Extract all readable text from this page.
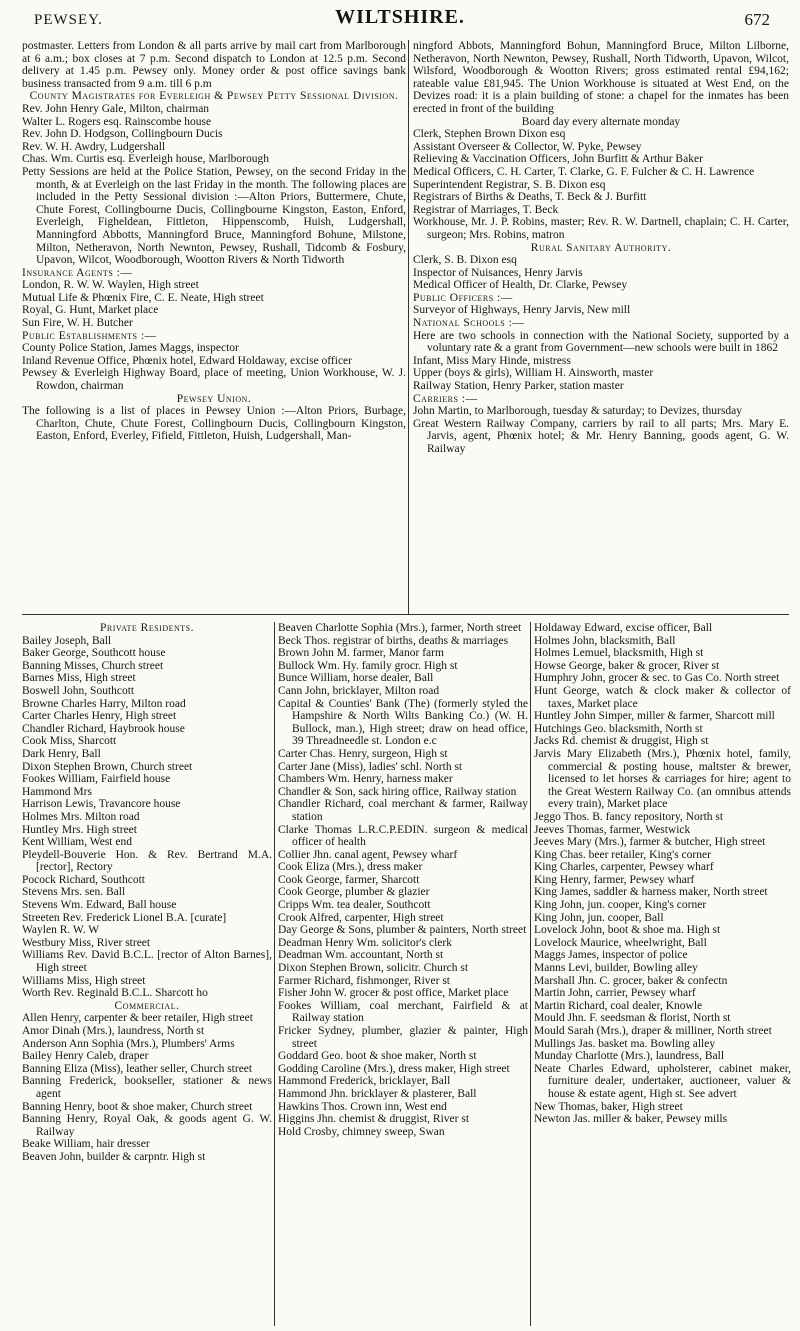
PEWSEY.	WILTSHIRE.	672

postmaster. Letters from London & all parts arrive by mail cart from Marlborough at 6 a.m.; box closes at 7 p.m. Second dispatch to London at 12.5 p.m. Second delivery at 1.45 p.m. Pewsey only. Money order & post office savings bank business transacted from 9 a.m. till 6 p.m

County Magistrates for Everleigh & Pewsey Petty Sessional Division.

Rev. John Henry Gale, Milton, chairman

Walter L. Rogers esq. Rainscombe house

Rev. John D. Hodgson, Collingbourn Ducis

Rev. W. H. Awdry, Ludgershall

Chas. Wm. Curtis esq. Everleigh house, Marlborough

Petty Sessions are held at the Police Station, Pewsey, on the second Friday in the month, & at Everleigh on the last Friday in the month. The following places are included in the Petty Sessional division :—Alton Priors, Buttermere, Chute, Chute Forest, Collingbourne Ducis, Collingbourne Kingston, Easton, Enford, Everleigh, Figheldean, Fittleton, Hippenscomb, Huish, Ludgershall, Manningford Abbotts, Manningford Bruce, Manningford Bohune, Milstone, Milton, Netheravon, North Newnton, Pewsey, Rushall, Tidcomb & Fosbury, Upavon, Wilcot, Woodborough, Wootton Rivers & North Tidworth

Insurance Agents :—

London, R. W. W. Waylen, High street

Mutual Life & Phœnix Fire, C. E. Neate, High street

Royal, G. Hunt, Market place

Sun Fire, W. H. Butcher

Public Establishments :—

County Police Station, James Maggs, inspector

Inland Revenue Office, Phœnix hotel, Edward Holdaway, excise officer

Pewsey & Everleigh Highway Board, place of meeting, Union Workhouse, W. J. Rowdon, chairman

Pewsey Union.

The following is a list of places in Pewsey Union :—Alton Priors, Burbage, Charlton, Chute, Chute Forest, Collingbourn Ducis, Collingbourn Kingston, Easton, Enford, Everley, Fifield, Fittleton, Huish, Ludgershall, Man-

ningford Abbots, Manningford Bohun, Manningford Bruce, Milton Lilborne, Netheravon, North Newnton, Pewsey, Rushall, North Tidworth, Upavon, Wilcot, Wilsford, Woodborough & Wootton Rivers; gross estimated rental £94,162; rateable value £81,945. The Union Workhouse is situated at West End, on the Devizes road: it is a plain building of stone: a chapel for the inmates has been erected in front of the building

Board day every alternate monday

Clerk, Stephen Brown Dixon esq

Assistant Overseer & Collector, W. Pyke, Pewsey

Relieving & Vaccination Officers, John Burfitt & Arthur Baker

Medical Officers, C. H. Carter, T. Clarke, G. F. Fulcher & C. H. Lawrence

Superintendent Registrar, S. B. Dixon esq

Registrars of Births & Deaths, T. Beck & J. Burfitt

Registrar of Marriages, T. Beck

Workhouse, Mr. J. P. Robins, master; Rev. R. W. Dartnell, chaplain; C. H. Carter, surgeon; Mrs. Robins, matron

Rural Sanitary Authority.

Clerk, S. B. Dixon esq

Inspector of Nuisances, Henry Jarvis

Medical Officer of Health, Dr. Clarke, Pewsey

Public Officers :—

Surveyor of Highways, Henry Jarvis, New mill

National Schools :—

Here are two schools in connection with the National Society, supported by a voluntary rate & a grant from Government—new schools were built in 1862

Infant, Miss Mary Hinde, mistress

Upper (boys & girls), William H. Ainsworth, master

Railway Station, Henry Parker, station master

Carriers :—

John Martin, to Marlborough, tuesday & saturday; to Devizes, thursday

Great Western Railway Company, carriers by rail to all parts; Mrs. Mary E. Jarvis, agent, Phœnix hotel; & Mr. Henry Banning, goods agent, G. W. Railway

Private Residents.

Bailey Joseph, Ball

Baker George, Southcott house

Banning Misses, Church street

Barnes Miss, High street

Boswell John, Southcott

Browne Charles Harry, Milton road

Carter Charles Henry, High street

Chandler Richard, Haybrook house

Cook Miss, Sharcott

Dark Henry, Ball

Dixon Stephen Brown, Church street

Fookes William, Fairfield house

Hammond Mrs

Harrison Lewis, Travancore house

Holmes Mrs. Milton road

Huntley Mrs. High street

Kent William, West end

Pleydell-Bouverie Hon. & Rev. Bertrand M.A. [rector], Rectory

Pocock Richard, Southcott

Stevens Mrs. sen. Ball

Stevens Wm. Edward, Ball house

Streeten Rev. Frederick Lionel B.A. [curate]

Waylen R. W. W

Westbury Miss, River street

Williams Rev. David B.C.L. [rector of Alton Barnes], High street

Williams Miss, High street

Worth Rev. Reginald B.C.L. Sharcott ho

Commercial.

Allen Henry, carpenter & beer retailer, High street

Amor Dinah (Mrs.), laundress, North st

Anderson Ann Sophia (Mrs.), Plumbers' Arms

Bailey Henry Caleb, draper

Banning Eliza (Miss), leather seller, Church street

Banning Frederick, bookseller, stationer & news agent

Banning Henry, boot & shoe maker, Church street

Banning Henry, Royal Oak, & goods agent G. W. Railway

Beake William, hair dresser

Beaven John, builder & carpntr. High st

Beaven Charlotte Sophia (Mrs.), farmer, North street

Beck Thos. registrar of births, deaths & marriages

Brown John M. farmer, Manor farm

Bullock Wm. Hy. family grocr. High st

Bunce William, horse dealer, Ball

Cann John, bricklayer, Milton road

Capital & Counties' Bank (The) (formerly styled the Hampshire & North Wilts Banking Co.) (W. H. Bullock, man.), High street; draw on head office, 39 Threadneedle st. London e.c

Carter Chas. Henry, surgeon, High st

Carter Jane (Miss), ladies' schl. North st

Chambers Wm. Henry, harness maker

Chandler & Son, sack hiring office, Railway station

Chandler Richard, coal merchant & farmer, Railway station

Clarke Thomas L.R.C.P.EDIN. surgeon & medical officer of health

Collier Jhn. canal agent, Pewsey wharf

Cook Eliza (Mrs.), dress maker

Cook George, farmer, Sharcott

Cook George, plumber & glazier

Cripps Wm. tea dealer, Southcott

Crook Alfred, carpenter, High street

Day George & Sons, plumber & painters, North street

Deadman Henry Wm. solicitor's clerk

Deadman Wm. accountant, North st

Dixon Stephen Brown, solicitr. Church st

Farmer Richard, fishmonger, River st

Fisher John W. grocer & post office, Market place

Fookes William, coal merchant, Fairfield & at Railway station

Fricker Sydney, plumber, glazier & painter, High street

Goddard Geo. boot & shoe maker, North st

Godding Caroline (Mrs.), dress maker, High street

Hammond Frederick, bricklayer, Ball

Hammond Jhn. bricklayer & plasterer, Ball

Hawkins Thos. Crown inn, West end

Higgins Jhn. chemist & druggist, River st

Hold Crosby, chimney sweep, Swan

Holdaway Edward, excise officer, Ball

Holmes John, blacksmith, Ball

Holmes Lemuel, blacksmith, High st

Howse George, baker & grocer, River st

Humphry John, grocer & sec. to Gas Co. North street

Hunt George, watch & clock maker & collector of taxes, Market place

Huntley John Simper, miller & farmer, Sharcott mill

Hutchings Geo. blacksmith, North st

Jacks Rd. chemist & druggist, High st

Jarvis Mary Elizabeth (Mrs.), Phœnix hotel, family, commercial & posting house, maltster & brewer, licensed to let horses & carriages for hire; agent to the Great Western Railway Co. (an omnibus attends every train), Market place

Jeggo Thos. B. fancy repository, North st

Jeeves Thomas, farmer, Westwick

Jeeves Mary (Mrs.), farmer & butcher, High street

King Chas. beer retailer, King's corner

King Charles, carpenter, Pewsey wharf

King Henry, farmer, Pewsey wharf

King James, saddler & harness maker, North street

King John, jun. cooper, King's corner

King John, jun. cooper, Ball

Lovelock John, boot & shoe ma. High st

Lovelock Maurice, wheelwright, Ball

Maggs James, inspector of police

Manns Levi, builder, Bowling alley

Marshall Jhn. C. grocer, baker & confectn

Martin John, carrier, Pewsey wharf

Martin Richard, coal dealer, Knowle

Mould Jhn. F. seedsman & florist, North st

Mould Sarah (Mrs.), draper & milliner, North street

Mullings Jas. basket ma. Bowling alley

Munday Charlotte (Mrs.), laundress, Ball

Neate Charles Edward, upholsterer, cabinet maker, furniture dealer, undertaker, auctioneer, valuer & house & estate agent, High st. See advert

New Thomas, baker, High street

Newton Jas. miller & baker, Pewsey mills
